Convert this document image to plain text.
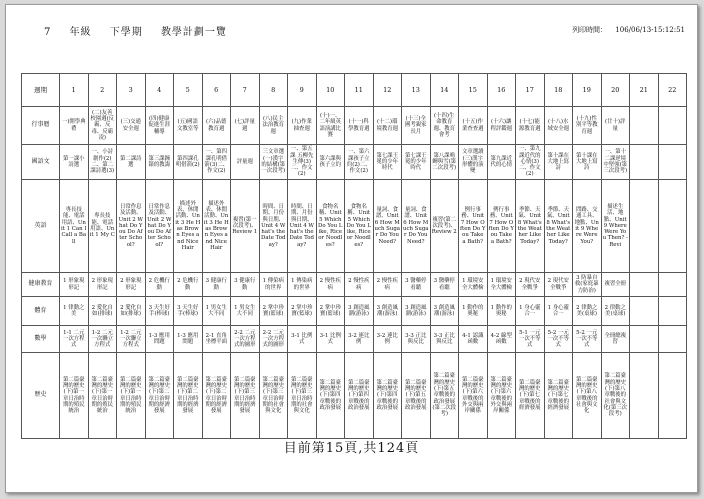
7 年級 下學期 教學計劃一覽	列印時間： 106/06/13-15:12:51
週期	1	2	3	4	5	6	7	8	9	10	11	12	13	14	15	16	17	18	19	20	21	22
行事曆	一)開學典禮	(二)友善校園週(反霸、反毒、反霸凌)	(三)交通安全週	(四)健康促進生涯輔導	(五)國語文教室等	(六)品德教育週	(七)評量週	(八)民主法治教育週	(九)作業抽查週	(十)一、二年級英語演講比賽	(十一)科學教育週	(十二)環境教育週	(十三)全國考親家長月	(十四)生命教育週、教育會考	(十五)作業查查週	(十六)讓程評鑑週	(十七)能源教育週	(十八)水域安全週	(十九)性別平等教育週	(廿十)評量		
國語文	第一課小詩選	一、小詩創作(2)二、第二課詩選(3)	第二課詩選	第三課鐘錶的教誨	第四課孔明借箭(2)	一、第四課孔明借箭(3)二、作文(2)	評量週	三文章選(一)漢字的結構(第一次段考)	一、第五課 五柳先生傳(3)二、作文(2)	第六課與孩子立約	一、第六課孩子立約(2)二、作文(2)	第七課王冕的少年時代	第七課王冕的少年時代	第八課鳴蟬與雪(第二次段考)	文章選讀(三)漢字形體的演變	第九課近代的心情	一、第九課近代的心情(3)二、作文(2)	第十課在大地上寫詩	第十課在大地上寫詩	一、第十二課逆境中堅強(第三次段考)		
英語	專長技能、電話用語、Unit 1 Can I Call a Ball	專長技能、電話用語、Unit 1 My C	日常作息及活動、Unit 2 What Do You Do After School?	日常作息及活動、Unit 2 What Do You Do After School?	描述外表、休閒活動、Unit 3 He Has Brown Eyes and Nice Hair	描述外表、休閒活動、Unit 3 He Has Brown Eyes and Nice Hair	複習(第一次段考)、Review 1	時間、日期、月份與日期、Unit 4 What's the Date Today?	時間、日期、月份與日期、Unit 4 What's the Date Today?	食物名稱、Unit 5 Which Do You Like, Rice or Noodles?	食物名稱、Unit 5 Which Do You Like, Rice or Noodles?	量詞、食譜、Unit 6 How Much Sugar Do You Need?	量詞、食譜、Unit 6 How Much Sugar Do You Need?	複習(第二次段考)、Review 2	例行事務、Unit 7 How Often Do You Take a Bath?	例行事務、Unit 7 How Often Do You Take a Bath?	季節、天氣、Unit 8 What's the Weather Like Today?	季節、天氣、Unit 8 What's the Weather Like Today?	問路、交通工具、地點、Unit 9 Where Were You?	描述生活、地點、Unit 9 Where Were You Then? - Revi		
健康教育	1 形象現形記	2 形象現形記	2 形象現形記	2 危機行動	2 危機行動	3 健康行動	3 健康行動	1 傳染病的世界	1 傳染病的世界	2 慢性疾病	2 慢性疾病	2 慢性疾病	3 醫藥停看聽	3 醫藥停看聽	1 環境安全大體檢	1 環境安全大體檢	2 現代安全戰爭	2 現代安全戰爭	3 防暴自救(家庭暴力防治)	複習全冊		
體育	1 律動之美	2 愛化自如(排球)	2 愛化自如(排球)	3 天生好手(棒球)	3 天生好手(棒球)	1 男女生大不同	1 男女生大不同	2 掌中珍寶(籃球)	2 掌中珍寶(籃球)	2 掌中珍寶(籃球)	3 創造風潮(游泳)	3 創造風潮(游泳)	3 創造風潮(游泳)	3 創造風潮(游泳)	1 動作的奧秘	1 動作的奧秘	1 身心靈合一	1 身心靈合一	2 律動之美(桌球)	2 律動之美(桌球)		
數學	1-1 二元一次方程式	1-2 二元一次聯立方程式	1-2 二元一次聯立方程式	1-3 應用問題	1-3 應用問題	2-1 直角坐標平面	2-2 二元一次方程式的圖形	2-2 二元一次方程式的圖形	3-1 比例式	3-1 比例式	3-2 連比例	3-2 連比例	3-3 正比與反比	3-3 正比與反比	4-1 認識函數	4-2 線型函數	5-1 一元一次不等式	5-2 一元一次不等式	5-2 一元一次不等式	全冊總複習		
歷史	第二篇臺灣的歷史(下)第一章日治時期的殖民統治	第二篇臺灣的歷史(下)第一章日治時期的殖民統治	第二篇臺灣的歷史(下)第一章日治時期的殖民統治	第二篇臺灣的歷史(下)第二章日治時期的經濟發展	第二篇臺灣的歷史(下)第二章日治時期的經濟發展	第二篇臺灣的歷史(下)第二章日治時期的經濟發展	第二篇臺灣的歷史(下)第三章日治時期的經濟發展	第二篇臺灣的歷史(下)第三章日治時期的社會與文化	第二篇臺灣的歷史(下)第三章日治時期的社會與文化	第二篇臺灣的歷史(下)第四章戰後的政治發展	第二篇臺灣的歷史(下)第四章戰後的政治發展	第二篇臺灣的歷史(下)第四章戰後的政治發展	第二篇臺灣的歷史(下)第五章戰後的政治發展	第二篇臺灣的歷史(下)第五章戰後的政治發展(第二次段考)	第二篇臺灣的歷史(下)第六章戰後的外交與兩岸關係	第二篇臺灣的歷史(下)第六章戰後的外交與兩岸關係	第二篇臺灣的歷史(下)第七章戰後的經濟發展	第二篇臺灣的歷史(下)第七章戰後的經濟發展	第二篇臺灣的歷史(下)第八章戰後的社會與文化	第二篇臺灣的歷史(下)第八章戰後的社會與文化(第三次段考)		
目前第15頁,共124頁
